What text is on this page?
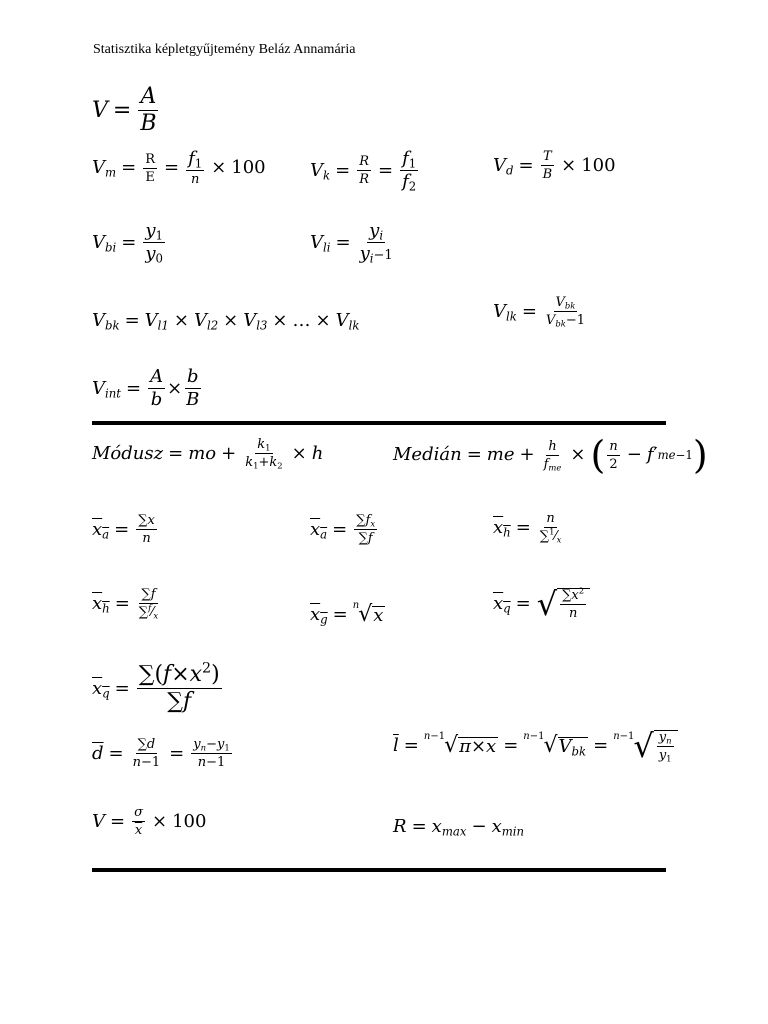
Statisztika képletgyűjtemény Beláz Annamária
$V = \frac{A}{B}$
$V_m = \frac{R}{E} = \frac{f_1}{n} \times 100$ $V_k = \frac{R}{R} = \frac{f_1}{f_2}$	$V_d = \frac{T}{B} \times 100$
$V_{bi} = \frac{y_1}{y_0}$	$V_{li} = \frac{y_i}{y_i-1}$
$V_{bk} = V_{l1} \times V_{l2} \times V_{l3}$ × … × $V_{lk}$
$V_{lk} = \frac{V_{bk}}{V_{bk}-1}$
$V_{int} = \frac{A}{b} \times \frac{b}{B}$
Módusz = mo + $\frac{k_1}{k_1+k_2} \times h$	Medián = me + $\frac{h}{f_{me}}$ × ( $\frac{n}{2} - f$ ′ me−1 )
$x_a = \frac{\sum x}{n}$	$x_a = \frac{\sum f_x}{\sum f}$	$x_h = \frac{n}{\sum^1⁄_x}$
$x_h = \frac{\sum f}{\sum^f⁄_x}$	$x_g = n$ √ x
$x_q$ = √ $\frac{\sum x^2}{n}$
$x_q = \frac{\sum(f\times x^2)}{\sum f}$
$\overline{d} = \frac{\sum d}{n-1} = \frac{y_n-y_1}{n-1}$	$\overline{l} = n-1$ √ π×x = n−1 √ $V_{bk} = n-1$ √ $\frac{y_n}{y_1}$
$V = \frac{\sigma}{x} \times 100$	$R = x_{max} - x_{min}$
